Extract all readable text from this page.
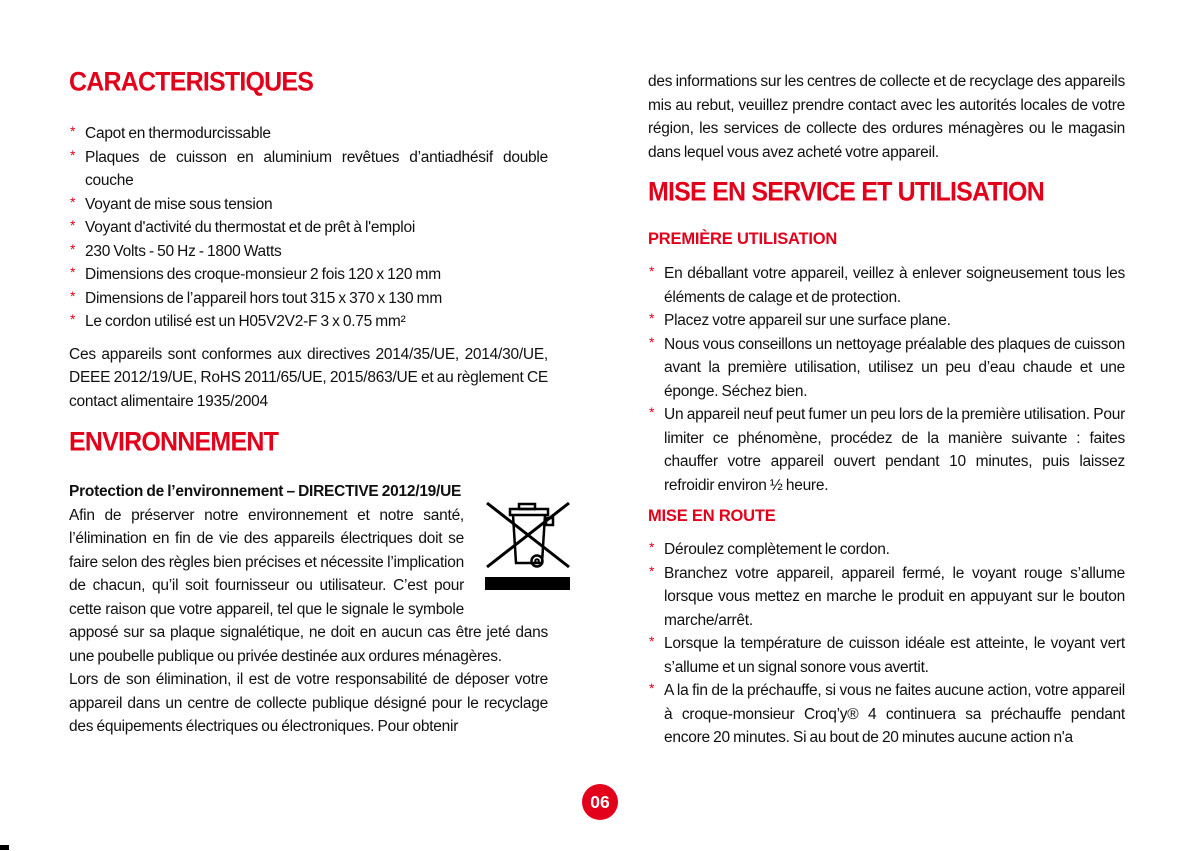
CARACTERISTIQUES
* Capot en thermodurcissable
* Plaques de cuisson en aluminium revêtues d’antiadhésif double couche
* Voyant de mise sous tension
* Voyant d'activité du thermostat et de prêt à l'emploi
* 230 Volts - 50 Hz - 1800 Watts
* Dimensions des croque-monsieur 2 fois 120 x 120 mm
* Dimensions de l’appareil hors tout 315 x 370 x 130 mm
* Le cordon utilisé est un H05V2V2-F 3 x 0.75 mm²

Ces appareils sont conformes aux directives 2014/35/UE, 2014/30/UE, DEEE 2012/19/UE, RoHS 2011/65/UE, 2015/863/UE et au règlement CE contact alimentaire 1935/2004

ENVIRONNEMENT

Protection de l’environnement – DIRECTIVE 2012/19/UE

Afin de préserver notre environnement et notre santé, l’élimination en fin de vie des appareils électriques doit se faire selon des règles bien précises et nécessite l’implication de chacun, qu’il soit fournisseur ou utilisateur. C’est pour cette raison que votre appareil, tel que le signale le symbole apposé sur sa plaque signalétique, ne doit en aucun cas être jeté dans une poubelle publique ou privée destinée aux ordures ménagères.

Lors de son élimination, il est de votre responsabilité de déposer votre appareil dans un centre de collecte publique désigné pour le recyclage des équipements électriques ou électroniques. Pour obtenir

des informations sur les centres de collecte et de recyclage des appareils mis au rebut, veuillez prendre contact avec les autorités locales de votre région, les services de collecte des ordures ménagères ou le magasin dans lequel vous avez acheté votre appareil.

MISE EN SERVICE ET UTILISATION
PREMIÈRE UTILISATION
* En déballant votre appareil, veillez à enlever soigneusement tous les éléments de calage et de protection.
* Placez votre appareil sur une surface plane.
* Nous vous conseillons un nettoyage préalable des plaques de cuisson avant la première utilisation, utilisez un peu d’eau chaude et une éponge. Séchez bien.
* Un appareil neuf peut fumer un peu lors de la première utilisation. Pour limiter ce phénomène, procédez de la manière suivante : faites chauffer votre appareil ouvert pendant 10 minutes, puis laissez refroidir environ ½ heure.
MISE EN ROUTE
* Déroulez complètement le cordon.
* Branchez votre appareil, appareil fermé, le voyant rouge s’allume lorsque vous mettez en marche le produit en appuyant sur le bouton marche/arrêt.
* Lorsque la température de cuisson idéale est atteinte, le voyant vert s’allume et un signal sonore vous avertit.
* A la fin de la préchauffe, si vous ne faites aucune action, votre appareil à croque-monsieur Croq’y® 4 continuera sa préchauffe pendant encore 20 minutes. Si au bout de 20 minutes aucune action n'a
06
